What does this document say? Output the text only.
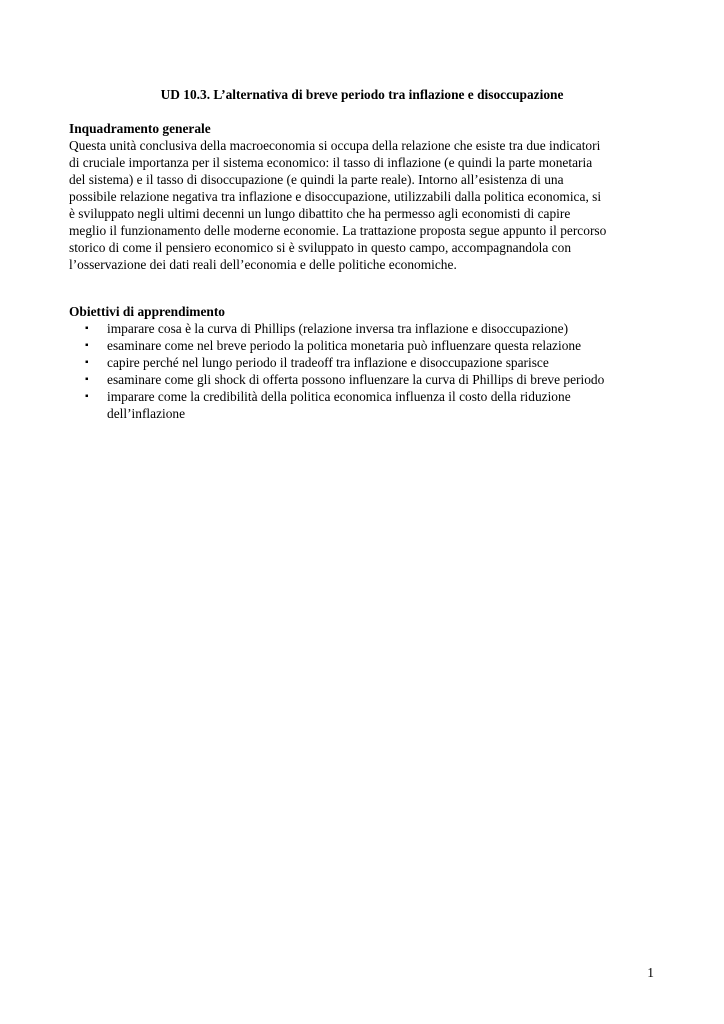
UD 10.3. L’alternativa di breve periodo tra inflazione e disoccupazione
Inquadramento generale

Questa unità conclusiva della macroeconomia si occupa della relazione che esiste tra due indicatori
di cruciale importanza per il sistema economico: il tasso di inflazione (e quindi la parte monetaria
del sistema) e il tasso di disoccupazione (e quindi la parte reale). Intorno all’esistenza di una
possibile relazione negativa tra inflazione e disoccupazione, utilizzabili dalla politica economica, si
è sviluppato negli ultimi decenni un lungo dibattito che ha permesso agli economisti di capire
meglio il funzionamento delle moderne economie. La trattazione proposta segue appunto il percorso
storico di come il pensiero economico si è sviluppato in questo campo, accompagnandola con
l’osservazione dei dati reali dell’economia e delle politiche economiche.

Obiettivi di apprendimento
▪ imparare cosa è la curva di Phillips (relazione inversa tra inflazione e disoccupazione)
▪ esaminare come nel breve periodo la politica monetaria può influenzare questa relazione
▪ capire perché nel lungo periodo il tradeoff tra inflazione e disoccupazione sparisce
▪ esaminare come gli shock di offerta possono influenzare la curva di Phillips di breve periodo
▪ imparare come la credibilità della politica economica influenza il costo della riduzione
dell’inflazione
1
